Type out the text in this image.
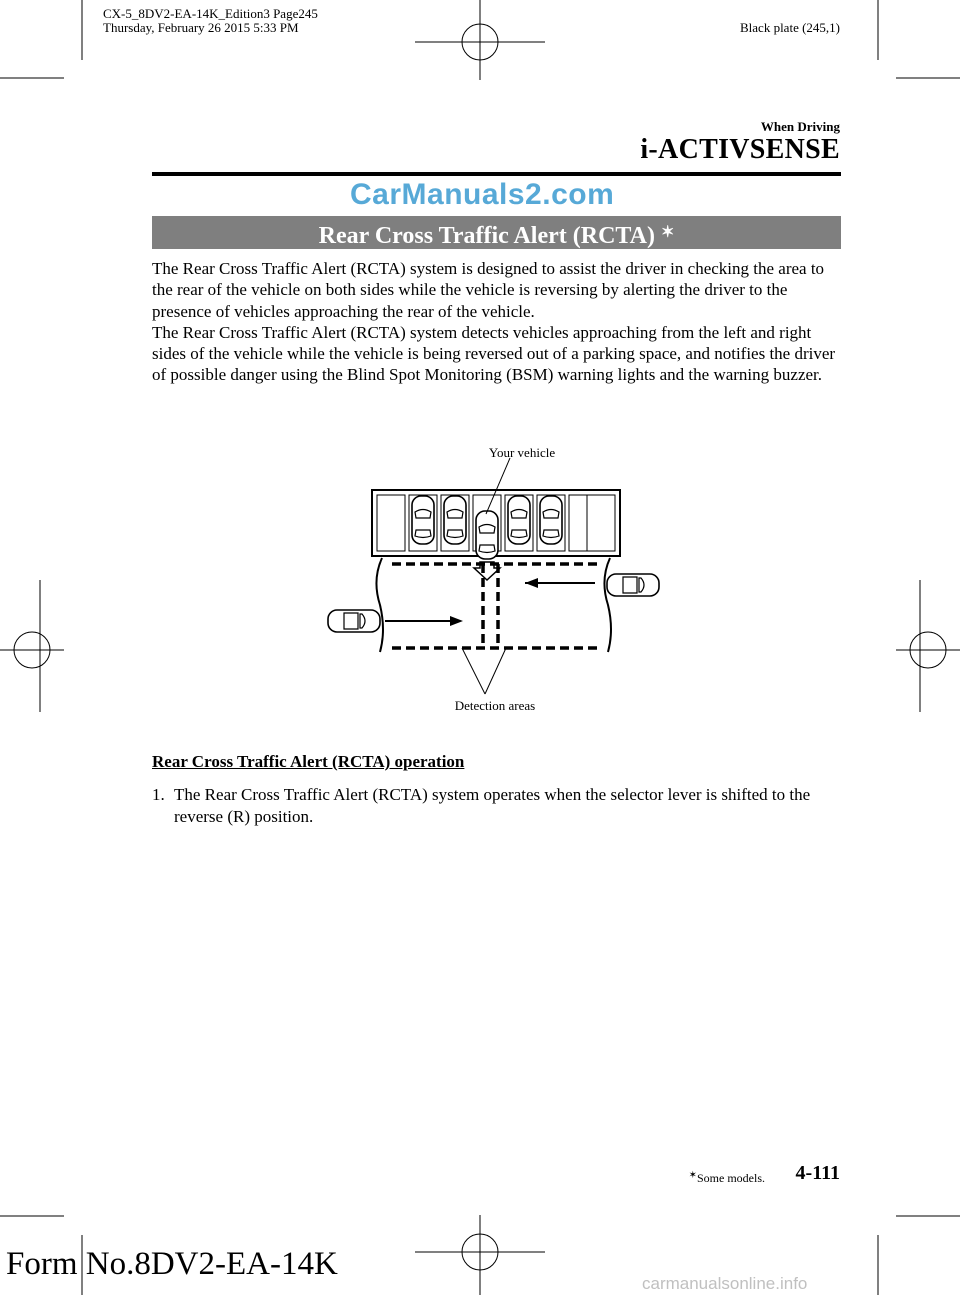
CX-5_8DV2-EA-14K_Edition3 Page245
Thursday, February 26 2015 5:33 PM	Black plate (245,1)
When Driving
i-ACTIVSENSE
CarManuals2.com
Rear Cross Traffic Alert (RCTA) ✶

The Rear Cross Traffic Alert (RCTA) system is designed to assist the driver in checking the area to the rear of the vehicle on both sides while the vehicle is reversing by alerting the driver to the presence of vehicles approaching the rear of the vehicle.

The Rear Cross Traffic Alert (RCTA) system detects vehicles approaching from the left and right sides of the vehicle while the vehicle is being reversed out of a parking space, and notifies the driver of possible danger using the Blind Spot Monitoring (BSM) warning lights and the warning buzzer.

Your vehicle
Detection areas
Rear Cross Traffic Alert (RCTA) operation
1. The Rear Cross Traffic Alert (RCTA) system operates when the selector lever is shifted to the reverse (R) position.
✶Some models. 4-111
Form No.8DV2-EA-14K
carmanualsonline.info
